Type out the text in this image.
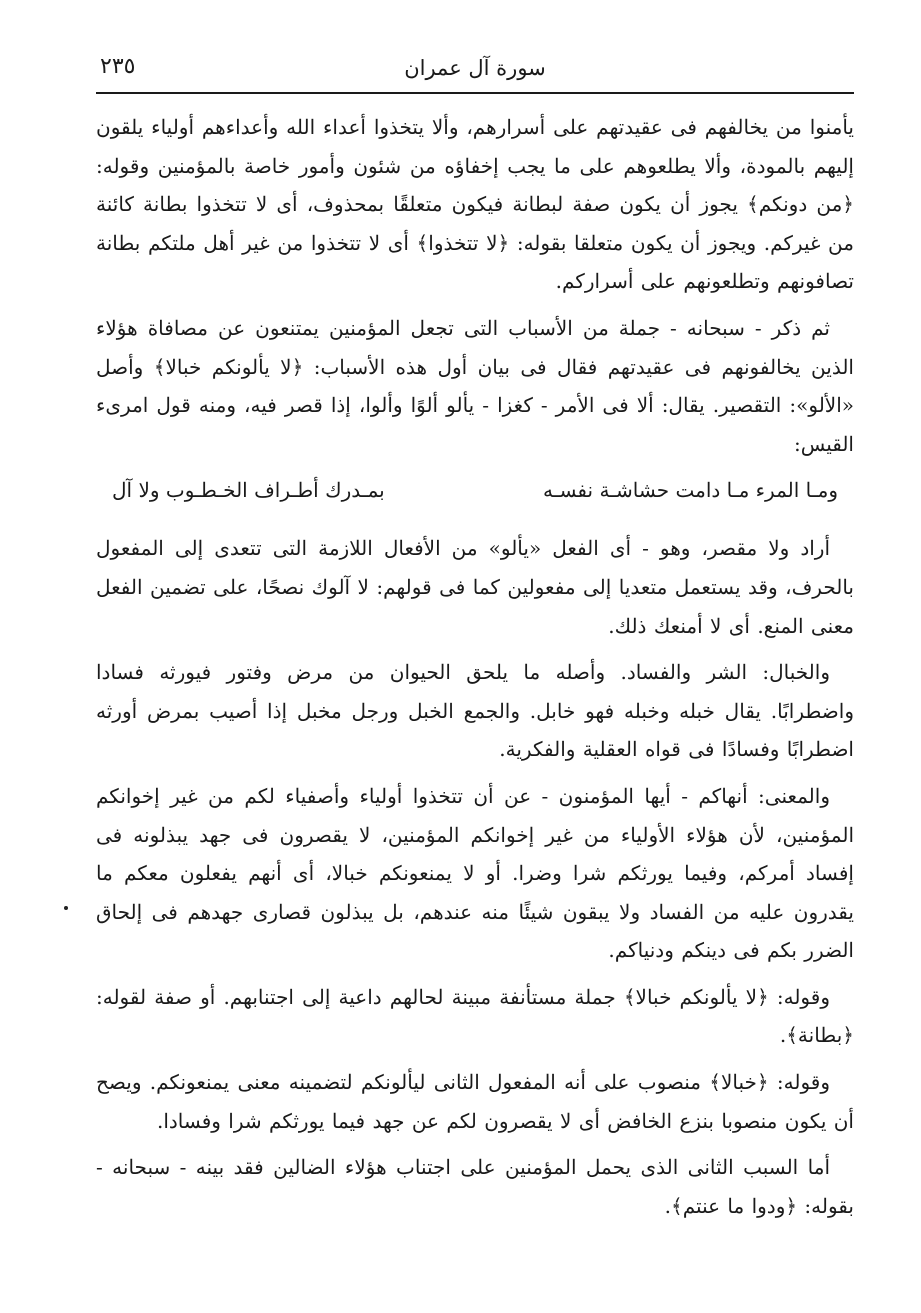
سورة آل عمران
٢٣٥

يأمنوا من يخالفهم فى عقيدتهم على أسرارهم، وألا يتخذوا أعداء الله وأعداءهم أولياء يلقون إليهم بالمودة، وألا يطلعوهم على ما يجب إخفاؤه من شئون وأمور خاصة بالمؤمنين وقوله: ﴿من دونكم﴾ يجوز أن يكون صفة لبطانة فيكون متعلقًا بمحذوف، أى لا تتخذوا بطانة كائنة من غيركم. ويجوز أن يكون متعلقا بقوله: ﴿لا تتخذوا﴾ أى لا تتخذوا من غير أهل ملتكم بطانة تصافونهم وتطلعونهم على أسراركم.

ثم ذكر - سبحانه - جملة من الأسباب التى تجعل المؤمنين يمتنعون عن مصافاة هؤلاء الذين يخالفونهم فى عقيدتهم فقال فى بيان أول هذه الأسباب: ﴿لا يألونكم خبالا﴾ وأصل «الألو»: التقصير. يقال: ألا فى الأمر - كغزا - يألو ألوًا وألوا، إذا قصر فيه، ومنه قول امرىء القيس:

ومـا المرء مـا دامت حشاشـة نفسـه
بمـدرك أطـراف الخـطـوب ولا آل

أراد ولا مقصر، وهو - أى الفعل «يألو» من الأفعال اللازمة التى تتعدى إلى المفعول بالحرف، وقد يستعمل متعديا إلى مفعولين كما فى قولهم: لا آلوك نصحًا، على تضمين الفعل معنى المنع. أى لا أمنعك ذلك.

والخبال: الشر والفساد. وأصله ما يلحق الحيوان من مرض وفتور فيورثه فسادا واضطرابًا. يقال خبله وخبله فهو خابل. والجمع الخبل ورجل مخبل إذا أصيب بمرض أورثه اضطرابًا وفسادًا فى قواه العقلية والفكرية.

والمعنى: أنهاكم - أيها المؤمنون - عن أن تتخذوا أولياء وأصفياء لكم من غير إخوانكم المؤمنين، لأن هؤلاء الأولياء من غير إخوانكم المؤمنين، لا يقصرون فى جهد يبذلونه فى إفساد أمركم، وفيما يورثكم شرا وضرا. أو لا يمنعونكم خبالا، أى أنهم يفعلون معكم ما يقدرون عليه من الفساد ولا يبقون شيئًا منه عندهم، بل يبذلون قصارى جهدهم فى إلحاق الضرر بكم فى دينكم ودنياكم.

وقوله: ﴿لا يألونكم خبالا﴾ جملة مستأنفة مبينة لحالهم داعية إلى اجتنابهم. أو صفة لقوله: ﴿بطانة﴾.

وقوله: ﴿خبالا﴾ منصوب على أنه المفعول الثانى ليألونكم لتضمينه معنى يمنعونكم. ويصح أن يكون منصوبا بنزع الخافض أى لا يقصرون لكم عن جهد فيما يورثكم شرا وفسادا.

أما السبب الثانى الذى يحمل المؤمنين على اجتناب هؤلاء الضالين فقد بينه - سبحانه - بقوله: ﴿ودوا ما عنتم﴾.
